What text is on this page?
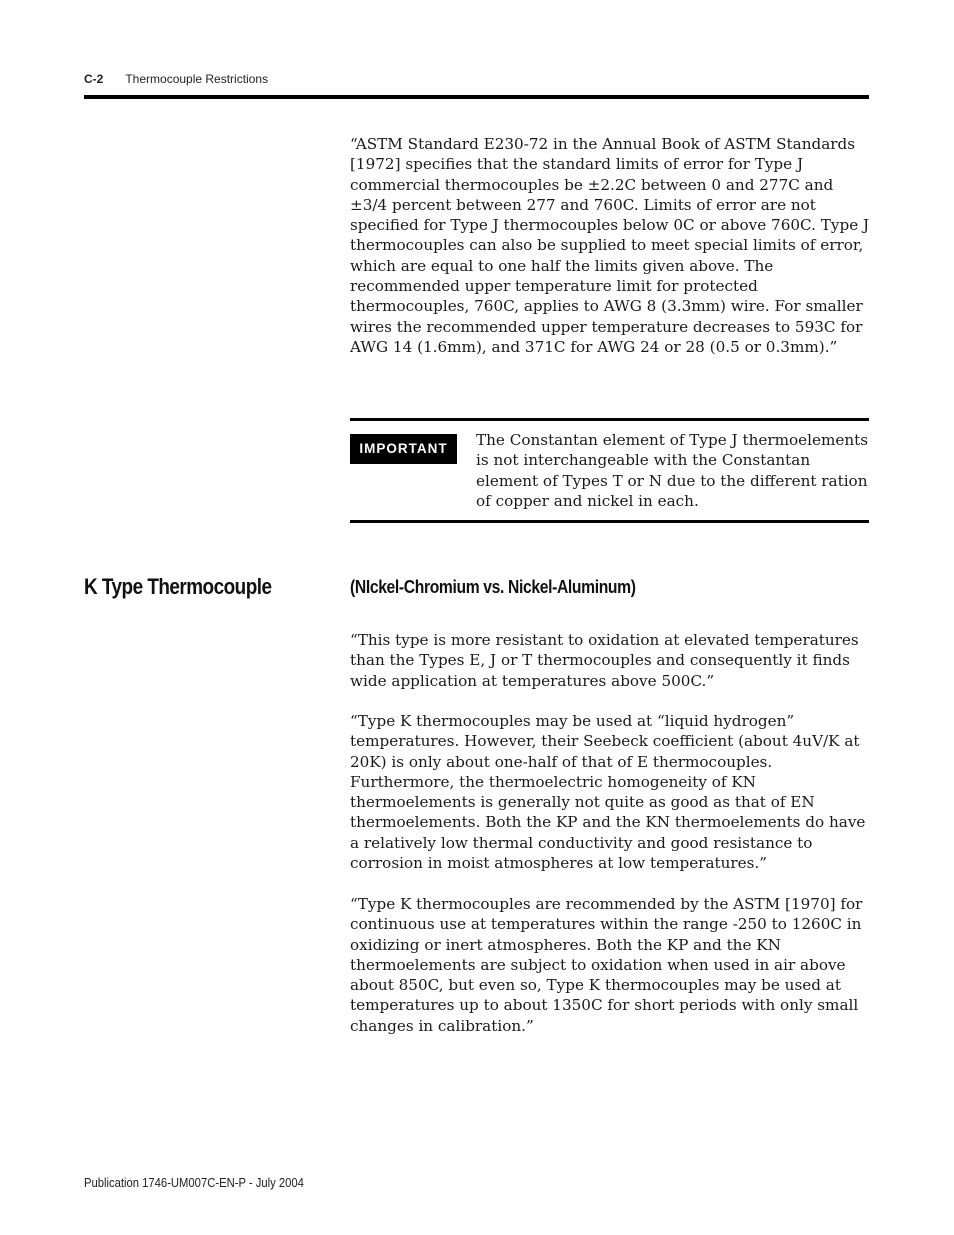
C-2 Thermocouple Restrictions

“ASTM Standard E230-72 in the Annual Book of ASTM Standards [1972] specifies that the standard limits of error for Type J commercial thermocouples be ±2.2C between 0 and 277C and ±3/4 percent between 277 and 760C. Limits of error are not specified for Type J thermocouples below 0C or above 760C. Type J thermocouples can also be supplied to meet special limits of error, which are equal to one half the limits given above. The recommended upper temperature limit for protected thermocouples, 760C, applies to AWG 8 (3.3mm) wire. For smaller wires the recommended upper temperature decreases to 593C for AWG 14 (1.6mm), and 371C for AWG 24 or 28 (0.5 or 0.3mm).”

IMPORTANT	The Constantan element of Type J thermoelements is not interchangeable with the Constantan element of Types T or N due to the different ration of copper and nickel in each.

K Type Thermocouple	(NIckel-Chromium vs. Nickel-Aluminum)

“This type is more resistant to oxidation at elevated temperatures than the Types E, J or T thermocouples and consequently it finds wide application at temperatures above 500C.”

“Type K thermocouples may be used at “liquid hydrogen” temperatures. However, their Seebeck coefficient (about 4uV/K at 20K) is only about one-half of that of E thermocouples. Furthermore, the thermoelectric homogeneity of KN thermoelements is generally not quite as good as that of EN thermoelements. Both the KP and the KN thermoelements do have a relatively low thermal conductivity and good resistance to corrosion in moist atmospheres at low temperatures.”

“Type K thermocouples are recommended by the ASTM [1970] for continuous use at temperatures within the range -250 to 1260C in oxidizing or inert atmospheres. Both the KP and the KN thermoelements are subject to oxidation when used in air above about 850C, but even so, Type K thermocouples may be used at temperatures up to about 1350C for short periods with only small changes in calibration.”

Publication 1746-UM007C-EN-P - July 2004
